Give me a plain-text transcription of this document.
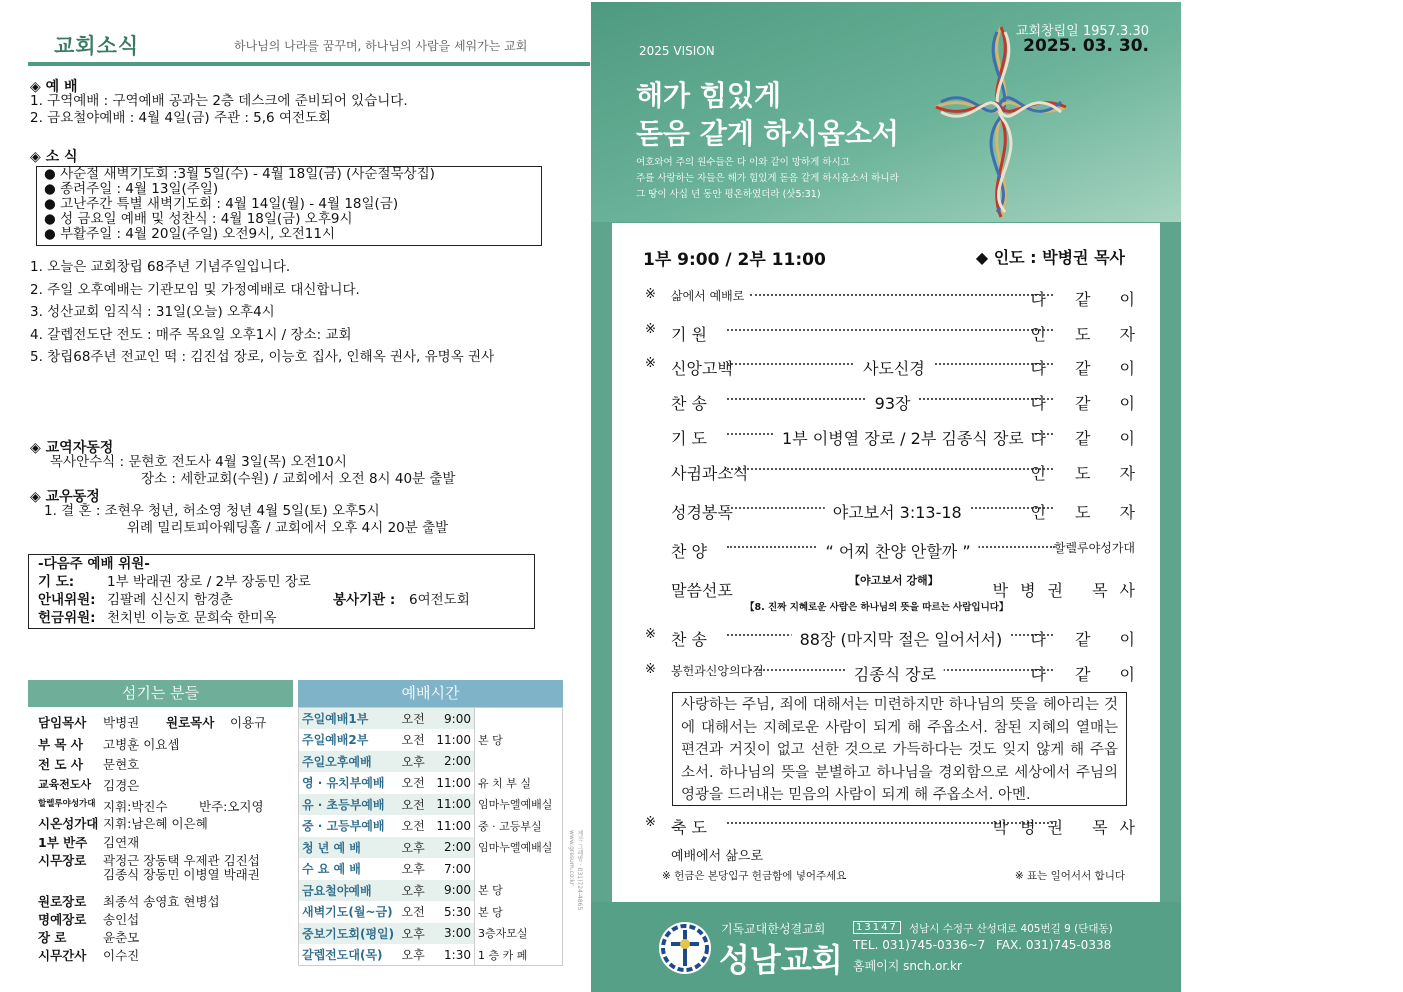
교회소식	하나님의 나라를 꿈꾸며, 하나님의 사람을 세워가는 교회
◈ 예 배
1. 구역예배 : 구역예배 공과는 2층 데스크에 준비되어 있습니다.
2. 금요철야예배 : 4월 4일(금) 주관 : 5,6 여전도회
◈ 소 식
● 사순절 새벽기도회 :3월 5일(수) - 4월 18일(금) (사순절묵상집)
● 종려주일 : 4월 13일(주일)
● 고난주간 특별 새벽기도회 : 4월 14일(월) - 4월 18일(금)
● 성 금요일 예배 및 성찬식 : 4월 18일(금) 오후9시
● 부활주일 : 4월 20일(주일) 오전9시, 오전11시
1. 오늘은 교회창립 68주년 기념주일입니다.
2. 주일 오후예배는 기관모임 및 가정예배로 대신합니다.
3. 성산교회 임직식 : 31일(오늘) 오후4시
4. 갈렙전도단 전도 : 매주 목요일 오후1시 / 장소: 교회
5. 창립68주년 전교인 떡 : 김진섭 장로, 이능호 집사, 인해옥 권사, 유명옥 권사
◈ 교역자동정
목사안수식 : 문현호 전도사 4월 3일(목) 오전10시
장소 : 세한교회(수원) / 교회에서 오전 8시 40분 출발
◈ 교우동정
1. 결 혼 : 조현우 청년, 허소영 청년 4월 5일(토) 오후5시
위례 밀리토피아웨딩홀 / 교회에서 오후 4시 20분 출발
-다음주 예배 위원-
기 도: 1부 박래권 장로 / 2부 장동민 장로
안내위원: 김팔례 신신지 함경춘	봉사기관 : 6여전도회
헌금위원: 천치빈 이능호 문희숙 한미옥
섬기는 분들
담임목사 박병권 원로목사 이용규
부 목 사 고병훈 이요셉
전 도 사 문현호
교육전도사 김경은
할렐루야성가대 지휘:박진수	반주:오지영
시온성가대 지휘:남은혜 이은혜
1부 반주 김연재
시무장로 곽정근 장동택 우제관 김진섭
김종식 장동민 이병열 박래권
원로장로 최종석 송영효 현병섭
명예장로 송인섭
장 로	윤춘모
시무간사 이수진
예배시간
주일예배1부	오전	9:00	
주일예배2부	오전	11:00	본 당
주일오후예배	오후	2:00	
영 · 유치부예배	오전	11:00	유 치 부 실
유 · 초등부예배	오전	11:00	임마누엘예배실
중 · 고등부예배	오전	11:00	중 · 고등부실
청 년 예 배	오후	2:00	임마누엘예배실
수 요 예 배	오후	7:00	
금요철야예배	오후	9:00	본 당
새벽기도(월~금)	오전	5:30	본 당
중보기도회(평일)	오후	3:00	3층자모실
갈렙전도대(목)	오후	1:30	1 층 카 페
제작 그레밤 · 031)724-4865 www.gresum.co.kr
교회창립일 1957.3.30
2025. 03. 30.
2025 VISION
해가 힘있게
돋음 같게 하시옵소서
여호와여 주의 원수들은 다 이와 같이 망하게 하시고
주를 사랑하는 자들은 해가 힘있게 돋음 같게 하시옵소서 하니라
그 땅이 사십 년 동안 평온하였더라 (삿5:31)
1부 9:00 / 2부 11:00	◆ 인도 : 박병권 목사
※ 삶에서 예배로	다 같 이
※ 기 원	인 도 자
※ 신앙고백	사도신경	다 같 이
찬 송	93장	다 같 이
기 도	1부 이병열 장로 / 2부 김종식 장로 다 같 이
사귐과소식	인 도 자
성경봉독	야고보서 3:13-18	인 도 자
찬 양	“ 어찌 찬양 안할까 ”	할렐루야성가대
말씀선포	박병권 목사
※ 찬 송	88장 (마지막 절은 일어서서)	다 같 이
※ 봉헌과신앙의다짐	김종식 장로	다 같 이
※ 축 도	박병권 목사
【야고보서 강해】
【8. 진짜 지혜로운 사람은 하나님의 뜻을 따르는 사람입니다】
사랑하는 주님, 죄에 대해서는 미련하지만 하나님의 뜻을 헤아리는 것에 대해서는 지혜로운 사람이 되게 해 주옵소서. 참된 지혜의 열매는 편견과 거짓이 없고 선한 것으로 가득하다는 것도 잊지 않게 해 주옵소서. 하나님의 뜻을 분별하고 하나님을 경외함으로 세상에서 주님의 영광을 드러내는 믿음의 사람이 되게 해 주옵소서. 아멘.
예배에서 삶으로
※ 헌금은 본당입구 헌금함에 넣어주세요	※ 표는 일어서서 합니다
기독교대한성결교회
성남교회
13147 성남시 수정구 산성대로 405번길 9 (단대동)
TEL. 031)745-0336~7 FAX. 031)745-0338
홈페이지 snch.or.kr
